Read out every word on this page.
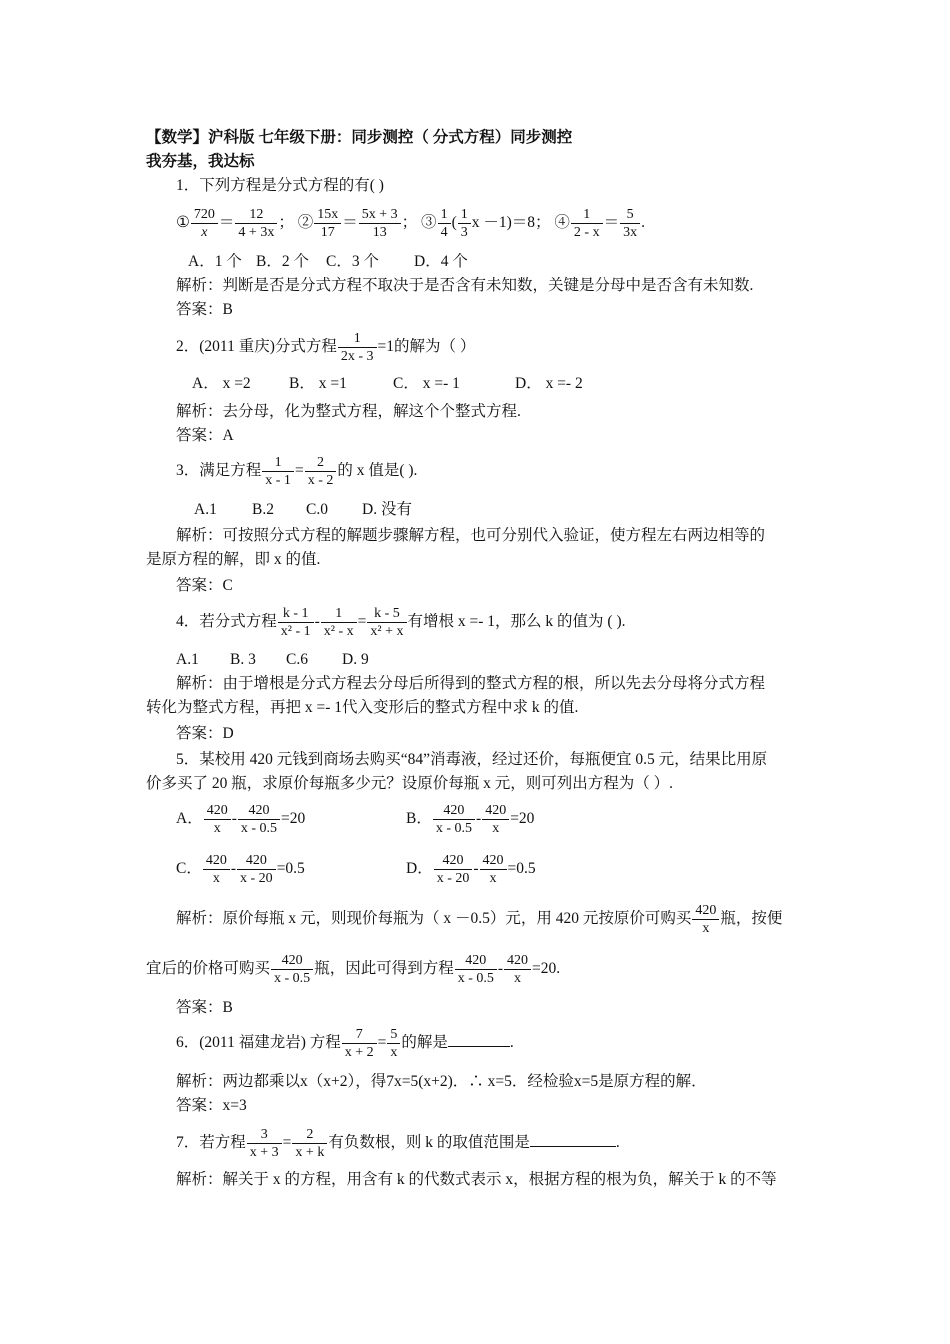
【数学】沪科版 七年级下册：同步测控（ 分式方程）同步测控
我夯基，我达标
1．下列方程是分式方程的有( )
① $\frac{720}{x} = \frac{12}{4 + 3x}$ ； ② $\frac{15x}{17} = \frac{5x + 3}{13}$ ； ③ $\frac{1}{4}$ ( $\frac{1}{3}$ x －1)＝8； ④ $\frac{1}{2 - x} = \frac{5}{3x}$ .
A．1 个 B．2 个 C．3 个 D．4 个
解析：判断是否是分式方程不取决于是否含有未知数，关键是分母中是否含有未知数.
答案：B
2．(2011 重庆)分式方程 $\frac{1}{2x - 3} =1$的解为（ ）
A． x =2 B． x =1	C． x =- 1	D． x =- 2
解析：去分母，化为整式方程，解这个个整式方程.
答案：A
3．满足方程 $\frac{1}{x - 1} = \frac{2}{x - 2}$ 的 x 值是( ).
A.1 B.2 C.0 D. 没有
解析：可按照分式方程的解题步骤解方程，也可分别代入验证，使方程左右两边相等的
是原方程的解，即 x 的值.
答案：C
4．若分式方程 $\frac{k - 1}{\text{x² - 1}} - \frac{1}{\text{x² - x}} = \frac{k - 5}{\text{x² + x}}$ 有增根 x =- 1，那么 k 的值为 ( ).
A.1 B. 3 C.6 D. 9
解析：由于增根是分式方程去分母后所得到的整式方程的根，所以先去分母将分式方程
转化为整式方程，再把 x =- 1代入变形后的整式方程中求 k 的值.
答案：D
5．某校用 420 元钱到商场去购买“84”消毒液，经过还价，每瓶便宜 0.5 元，结果比用原
价多买了 20 瓶，求原价每瓶多少元？设原价每瓶 x 元，则可列出方程为（ ）.
A． $\frac{420}{x} - \frac{420}{x - 0.5} =20$	B． $\frac{420}{x - 0.5} - \frac{420}{x} =20$
C． $\frac{420}{x} - \frac{420}{x - 20} =0.5$	D． $\frac{420}{x - 20} - \frac{420}{x} =0.5$
解析：原价每瓶 x 元，则现价每瓶为（ x －0.5）元，用 420 元按原价可购买 $\frac{420}{x}$ 瓶，按便
宜后的价格可购买 $\frac{420}{x - 0.5}$ 瓶，因此可得到方程 $\frac{420}{x - 0.5} - \frac{420}{x} =20$.
答案：B
6．(2011 福建龙岩) 方程 $\frac{7}{x + 2} = \frac{5}{x}$ 的解是	.
解析：两边都乘以x（x+2），得7x=5(x+2)．∴ x=5．经检验x=5是原方程的解．
答案：x=3
7．若方程 $\frac{3}{x + 3} = \frac{2}{x + k}$ 有负数根，则 k 的取值范围是	.
解析：解关于 x 的方程，用含有 k 的代数式表示 x，根据方程的根为负，解关于 k 的不等
